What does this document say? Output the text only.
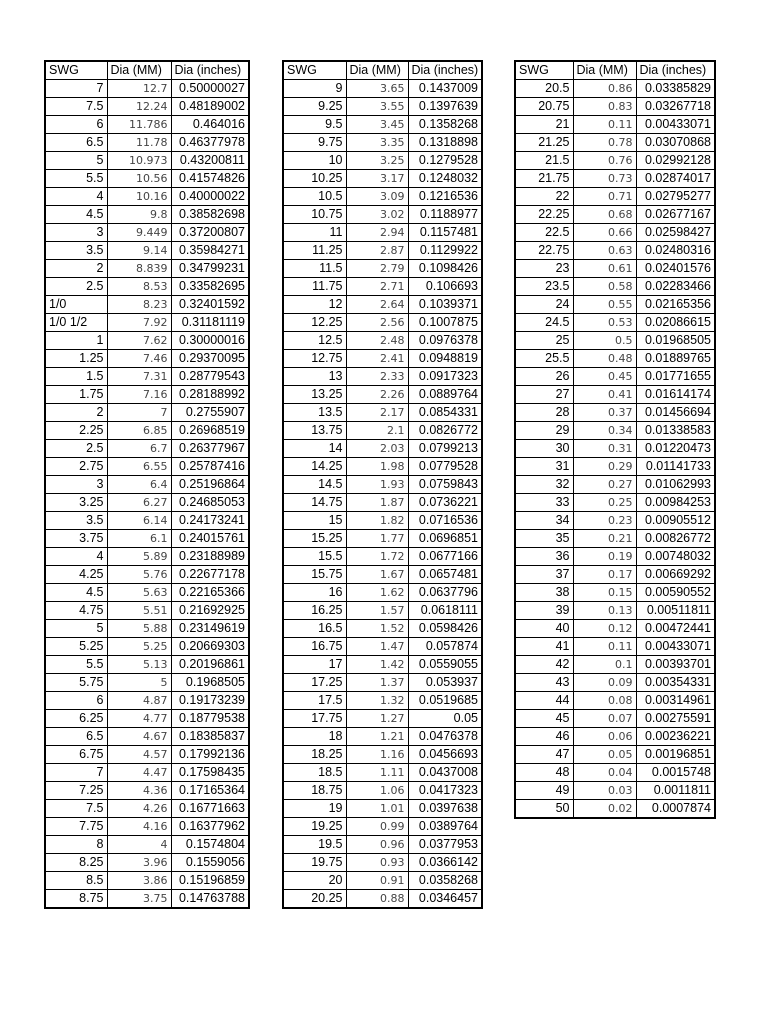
SWG	Dia (MM)	Dia (inches)
7	12.7	0.50000027
7.5	12.24	0.48189002
6	11.786	0.464016
6.5	11.78	0.46377978
5	10.973	0.43200811
5.5	10.56	0.41574826
4	10.16	0.40000022
4.5	9.8	0.38582698
3	9.449	0.37200807
3.5	9.14	0.35984271
2	8.839	0.34799231
2.5	8.53	0.33582695
1/0	8.23	0.32401592
1/0 1/2	7.92	0.31181119
1	7.62	0.30000016
1.25	7.46	0.29370095
1.5	7.31	0.28779543
1.75	7.16	0.28188992
2	7	0.2755907
2.25	6.85	0.26968519
2.5	6.7	0.26377967
2.75	6.55	0.25787416
3	6.4	0.25196864
3.25	6.27	0.24685053
3.5	6.14	0.24173241
3.75	6.1	0.24015761
4	5.89	0.23188989
4.25	5.76	0.22677178
4.5	5.63	0.22165366
4.75	5.51	0.21692925
5	5.88	0.23149619
5.25	5.25	0.20669303
5.5	5.13	0.20196861
5.75	5	0.1968505
6	4.87	0.19173239
6.25	4.77	0.18779538
6.5	4.67	0.18385837
6.75	4.57	0.17992136
7	4.47	0.17598435
7.25	4.36	0.17165364
7.5	4.26	0.16771663
7.75	4.16	0.16377962
8	4	0.1574804
8.25	3.96	0.1559056
8.5	3.86	0.15196859
8.75	3.75	0.14763788
SWG	Dia (MM)	Dia (inches)
9	3.65	0.1437009
9.25	3.55	0.1397639
9.5	3.45	0.1358268
9.75	3.35	0.1318898
10	3.25	0.1279528
10.25	3.17	0.1248032
10.5	3.09	0.1216536
10.75	3.02	0.1188977
11	2.94	0.1157481
11.25	2.87	0.1129922
11.5	2.79	0.1098426
11.75	2.71	0.106693
12	2.64	0.1039371
12.25	2.56	0.1007875
12.5	2.48	0.0976378
12.75	2.41	0.0948819
13	2.33	0.0917323
13.25	2.26	0.0889764
13.5	2.17	0.0854331
13.75	2.1	0.0826772
14	2.03	0.0799213
14.25	1.98	0.0779528
14.5	1.93	0.0759843
14.75	1.87	0.0736221
15	1.82	0.0716536
15.25	1.77	0.0696851
15.5	1.72	0.0677166
15.75	1.67	0.0657481
16	1.62	0.0637796
16.25	1.57	0.0618111
16.5	1.52	0.0598426
16.75	1.47	0.057874
17	1.42	0.0559055
17.25	1.37	0.053937
17.5	1.32	0.0519685
17.75	1.27	0.05
18	1.21	0.0476378
18.25	1.16	0.0456693
18.5	1.11	0.0437008
18.75	1.06	0.0417323
19	1.01	0.0397638
19.25	0.99	0.0389764
19.5	0.96	0.0377953
19.75	0.93	0.0366142
20	0.91	0.0358268
20.25	0.88	0.0346457
SWG	Dia (MM)	Dia (inches)
20.5	0.86	0.03385829
20.75	0.83	0.03267718
21	0.11	0.00433071
21.25	0.78	0.03070868
21.5	0.76	0.02992128
21.75	0.73	0.02874017
22	0.71	0.02795277
22.25	0.68	0.02677167
22.5	0.66	0.02598427
22.75	0.63	0.02480316
23	0.61	0.02401576
23.5	0.58	0.02283466
24	0.55	0.02165356
24.5	0.53	0.02086615
25	0.5	0.01968505
25.5	0.48	0.01889765
26	0.45	0.01771655
27	0.41	0.01614174
28	0.37	0.01456694
29	0.34	0.01338583
30	0.31	0.01220473
31	0.29	0.01141733
32	0.27	0.01062993
33	0.25	0.00984253
34	0.23	0.00905512
35	0.21	0.00826772
36	0.19	0.00748032
37	0.17	0.00669292
38	0.15	0.00590552
39	0.13	0.00511811
40	0.12	0.00472441
41	0.11	0.00433071
42	0.1	0.00393701
43	0.09	0.00354331
44	0.08	0.00314961
45	0.07	0.00275591
46	0.06	0.00236221
47	0.05	0.00196851
48	0.04	0.0015748
49	0.03	0.0011811
50	0.02	0.0007874
